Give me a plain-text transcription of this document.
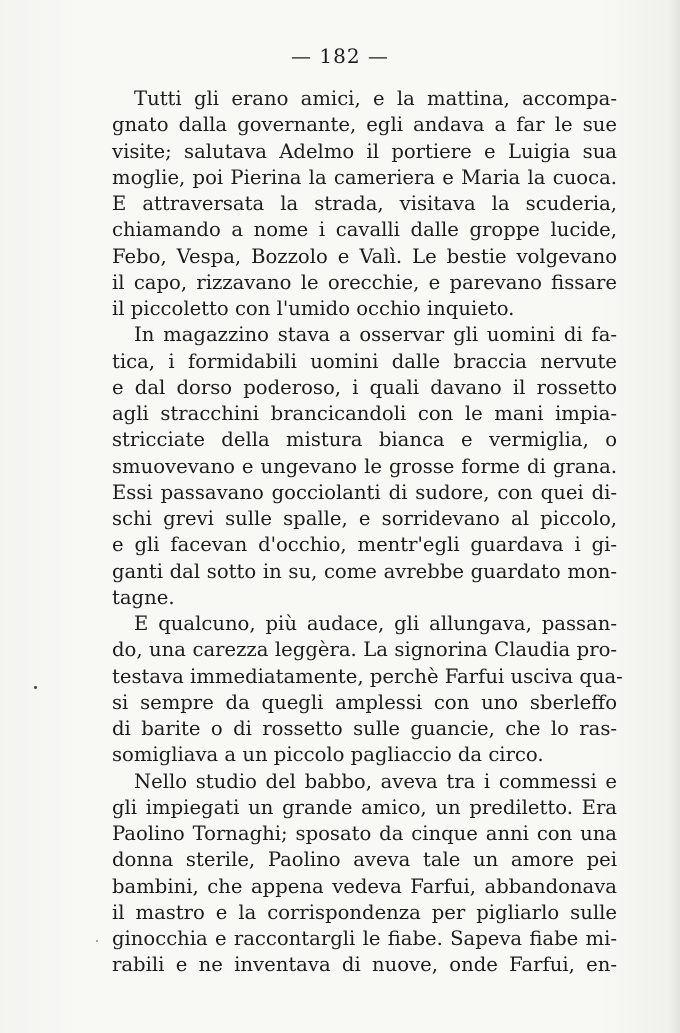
— 182 —
Tutti gli erano amici, e la mattina, accompa-
gnato dalla governante, egli andava a far le sue
visite; salutava Adelmo il portiere e Luigia sua
moglie, poi Pierina la cameriera e Maria la cuoca.
E attraversata la strada, visitava la scuderia,
chiamando a nome i cavalli dalle groppe lucide,
Febo, Vespa, Bozzolo e Valì. Le bestie volgevano
il capo, rizzavano le orecchie, e parevano fissare
il piccoletto con l'umido occhio inquieto.
In magazzino stava a osservar gli uomini di fa-
tica, i formidabili uomini dalle braccia nervute
e dal dorso poderoso, i quali davano il rossetto
agli stracchini brancicandoli con le mani impia-
stricciate della mistura bianca e vermiglia, o
smuovevano e ungevano le grosse forme di grana.
Essi passavano gocciolanti di sudore, con quei di-
schi grevi sulle spalle, e sorridevano al piccolo,
e gli facevan d'occhio, mentr'egli guardava i gi-
ganti dal sotto in su, come avrebbe guardato mon-
tagne.
E qualcuno, più audace, gli allungava, passan-
do, una carezza leggèra. La signorina Claudia pro-
testava immediatamente, perchè Farfui usciva qua-
si sempre da quegli amplessi con uno sberleffo
di barite o di rossetto sulle guancie, che lo ras-
somigliava a un piccolo pagliaccio da circo.
Nello studio del babbo, aveva tra i commessi e
gli impiegati un grande amico, un prediletto. Era
Paolino Tornaghi; sposato da cinque anni con una
donna sterile, Paolino aveva tale un amore pei
bambini, che appena vedeva Farfui, abbandonava
il mastro e la corrispondenza per pigliarlo sulle
ginocchia e raccontargli le fiabe. Sapeva fiabe mi-
rabili e ne inventava di nuove, onde Farfui, en-
